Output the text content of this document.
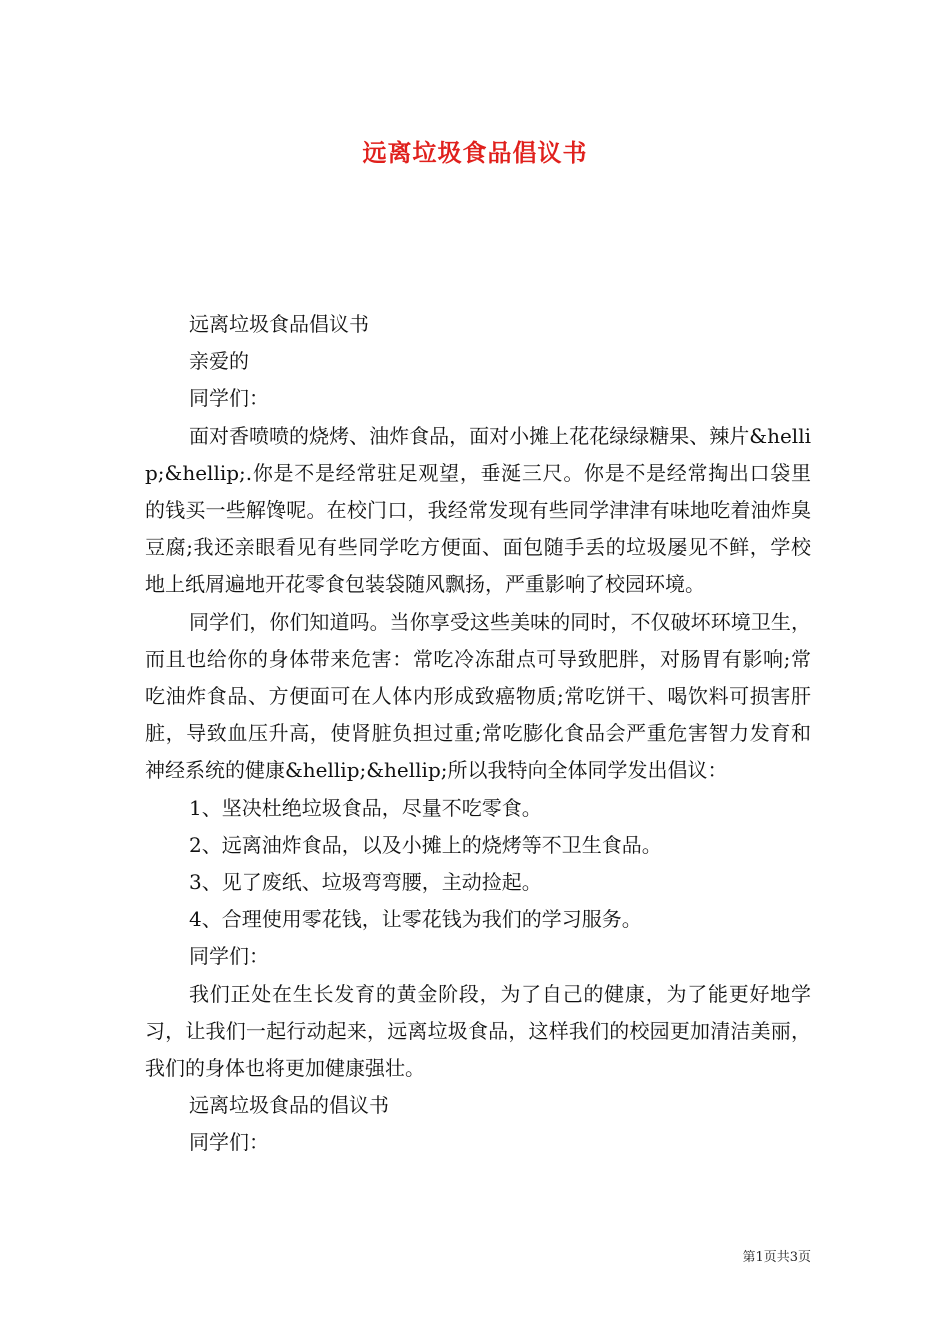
远离垃圾食品倡议书

远离垃圾食品倡议书

亲爱的

同学们：

面对香喷喷的烧烤、油炸食品，面对小摊上花花绿绿糖果、辣片&hellip;&hellip;.你是不是经常驻足观望，垂涎三尺。你是不是经常掏出口袋里的钱买一些解馋呢。在校门口，我经常发现有些同学津津有味地吃着油炸臭豆腐;我还亲眼看见有些同学吃方便面、面包随手丢的垃圾屡见不鲜，学校地上纸屑遍地开花零食包装袋随风飘扬，严重影响了校园环境。

同学们，你们知道吗。当你享受这些美味的同时，不仅破坏环境卫生，而且也给你的身体带来危害：常吃冷冻甜点可导致肥胖，对肠胃有影响;常吃油炸食品、方便面可在人体内形成致癌物质;常吃饼干、喝饮料可损害肝脏，导致血压升高，使肾脏负担过重;常吃膨化食品会严重危害智力发育和神经系统的健康&hellip;&hellip;所以我特向全体同学发出倡议：

1、坚决杜绝垃圾食品，尽量不吃零食。

2、远离油炸食品，以及小摊上的烧烤等不卫生食品。

3、见了废纸、垃圾弯弯腰，主动捡起。

4、合理使用零花钱，让零花钱为我们的学习服务。

同学们：

我们正处在生长发育的黄金阶段，为了自己的健康，为了能更好地学习，让我们一起行动起来，远离垃圾食品，这样我们的校园更加清洁美丽，我们的身体也将更加健康强壮。

远离垃圾食品的倡议书

同学们：

第1页共3页
